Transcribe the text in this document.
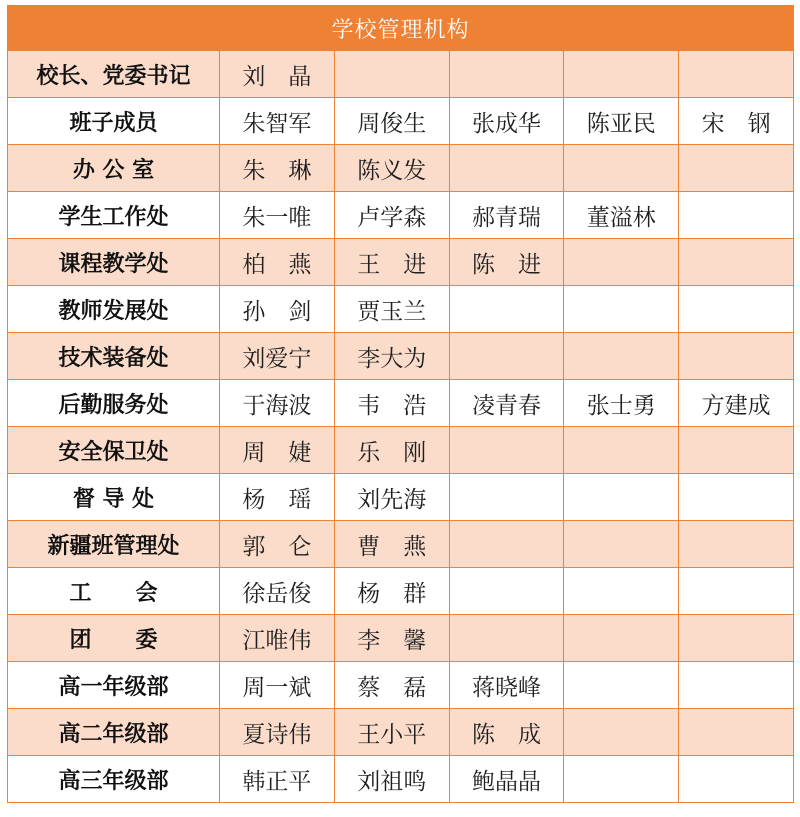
学校管理机构					
校长、党委书记	刘　晶				
班子成员	朱智军	周俊生	张成华	陈亚民	宋　钢
办 公 室	朱　琳	陈义发			
学生工作处	朱一唯	卢学森	郝青瑞	董溢林	
课程教学处	柏　燕	王　进	陈　进		
教师发展处	孙　剑	贾玉兰			
技术装备处	刘爱宁	李大为			
后勤服务处	于海波	韦　浩	凌青春	张士勇	方建成
安全保卫处	周　婕	乐　刚			
督 导 处	杨　瑶	刘先海			
新疆班管理处	郭　仑	曹　燕			
工　　会	徐岳俊	杨　群			
团　　委	江唯伟	李　馨			
高一年级部	周一斌	蔡　磊	蒋晓峰		
高二年级部	夏诗伟	王小平	陈　成		
高三年级部	韩正平	刘祖鸣	鲍晶晶		
